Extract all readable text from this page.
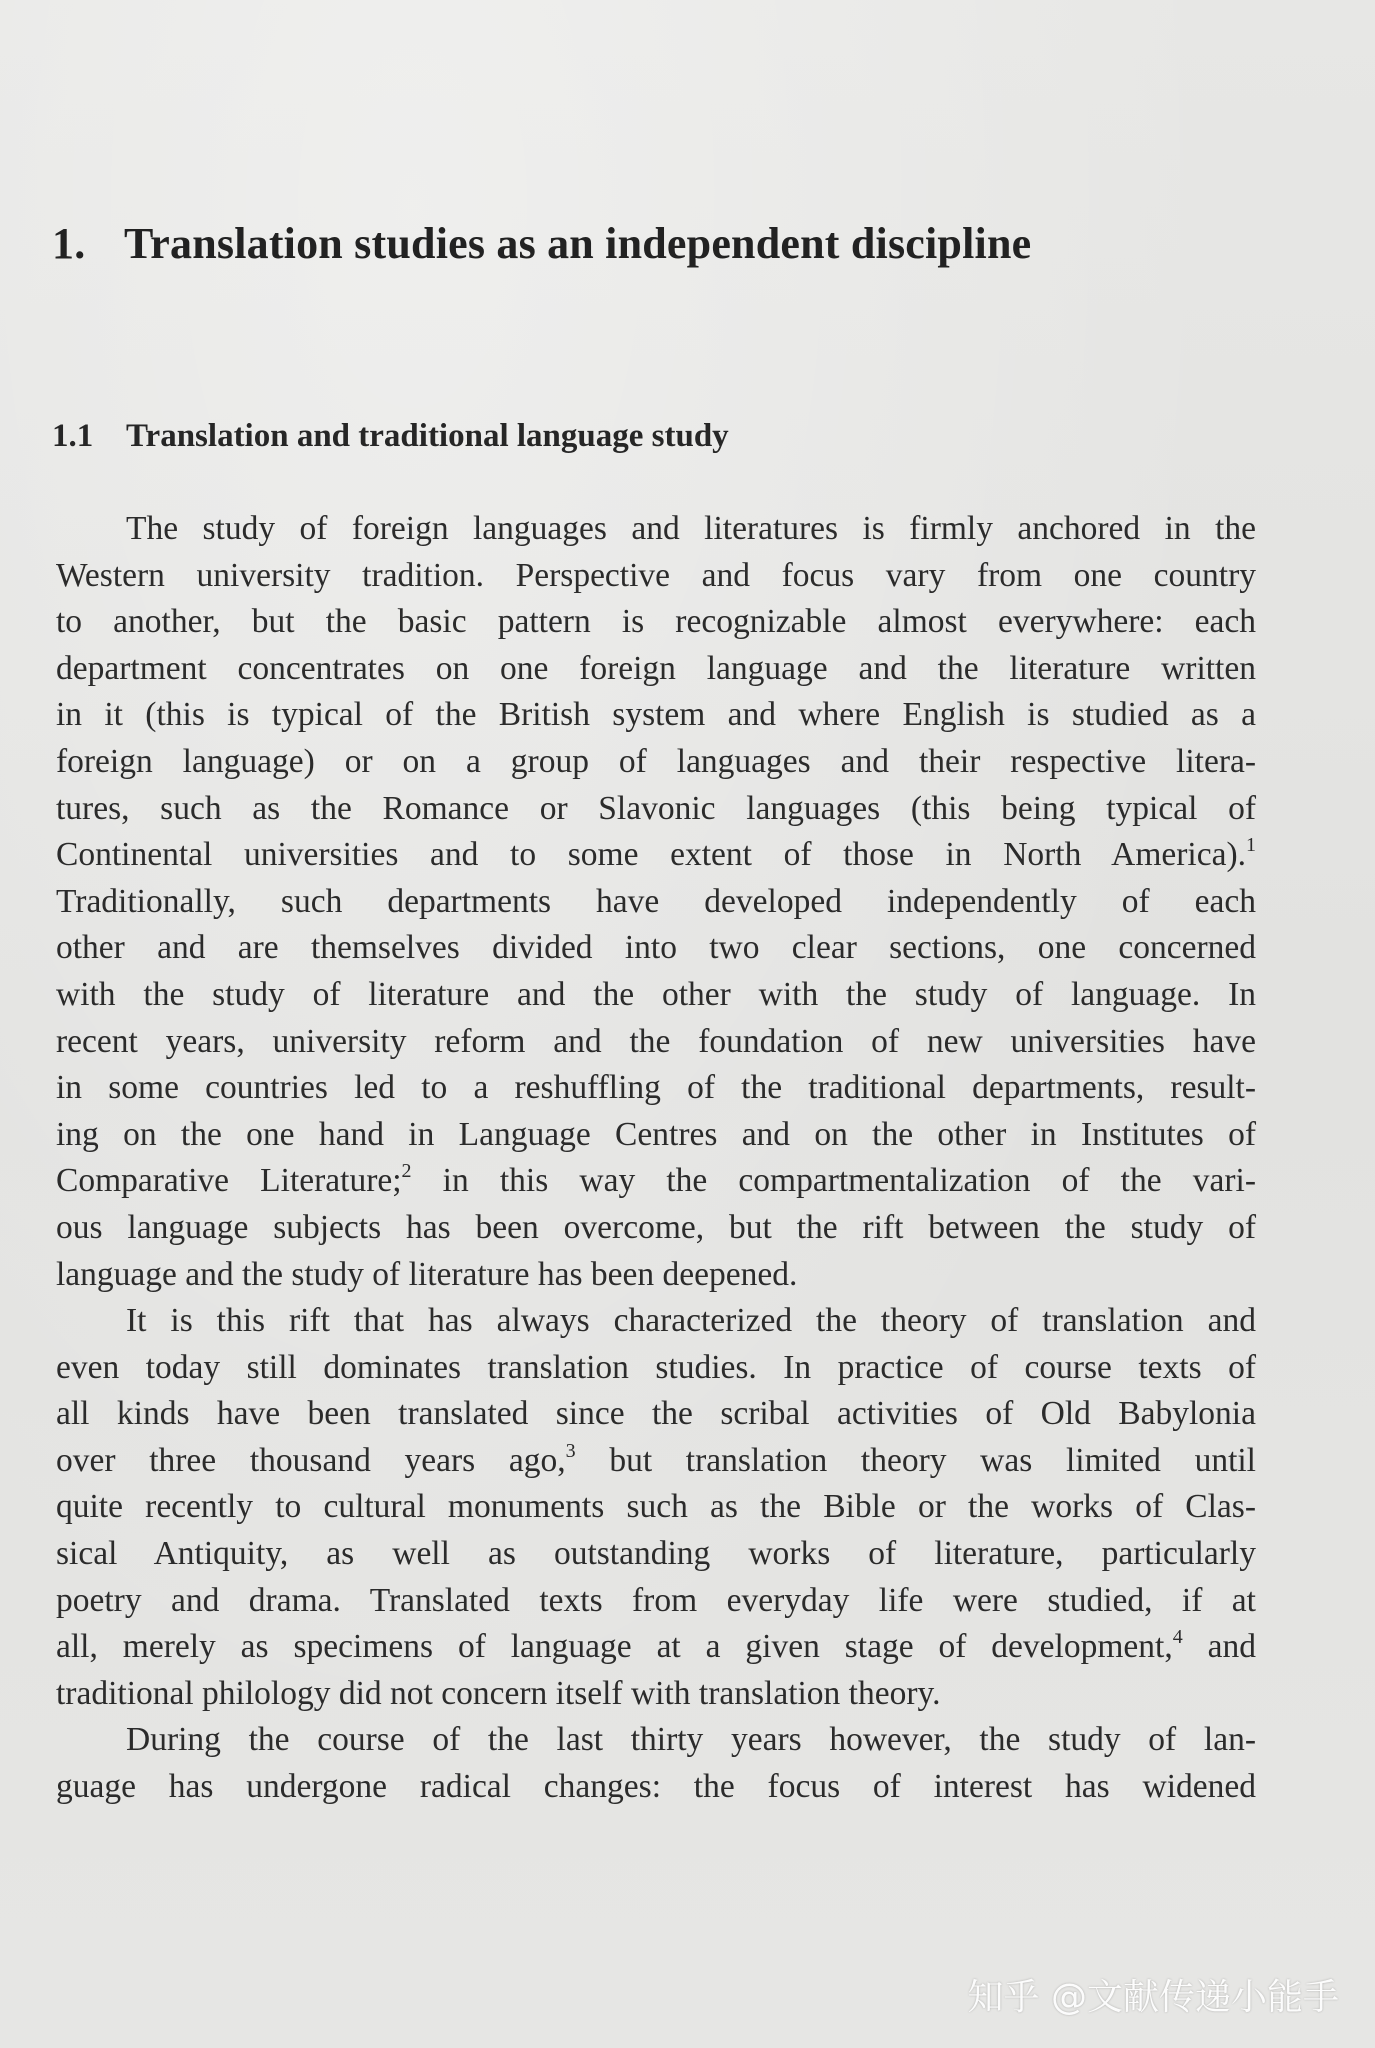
1. Translation studies as an independent discipline
1.1 Translation and traditional language study
The study of foreign languages and literatures is firmly anchored in the
Western university tradition. Perspective and focus vary from one country
to another, but the basic pattern is recognizable almost everywhere: each
department concentrates on one foreign language and the literature written
in it (this is typical of the British system and where English is studied as a
foreign language) or on a group of languages and their respective litera-
tures, such as the Romance or Slavonic languages (this being typical of
Continental universities and to some extent of those in North America).$^1$
Traditionally, such departments have developed independently of each
other and are themselves divided into two clear sections, one concerned
with the study of literature and the other with the study of language. In
recent years, university reform and the foundation of new universities have
in some countries led to a reshuffling of the traditional departments, result-
ing on the one hand in Language Centres and on the other in Institutes of
Comparative Literature;$^2$ in this way the compartmentalization of the vari-
ous language subjects has been overcome, but the rift between the study of
language and the study of literature has been deepened.
It is this rift that has always characterized the theory of translation and
even today still dominates translation studies. In practice of course texts of
all kinds have been translated since the scribal activities of Old Babylonia
over three thousand years ago,$^3$ but translation theory was limited until
quite recently to cultural monuments such as the Bible or the works of Clas-
sical Antiquity, as well as outstanding works of literature, particularly
poetry and drama. Translated texts from everyday life were studied, if at
all, merely as specimens of language at a given stage of development,$^4$ and
traditional philology did not concern itself with translation theory.
During the course of the last thirty years however, the study of lan-
guage has undergone radical changes: the focus of interest has widened
知乎 @文献传递小能手
